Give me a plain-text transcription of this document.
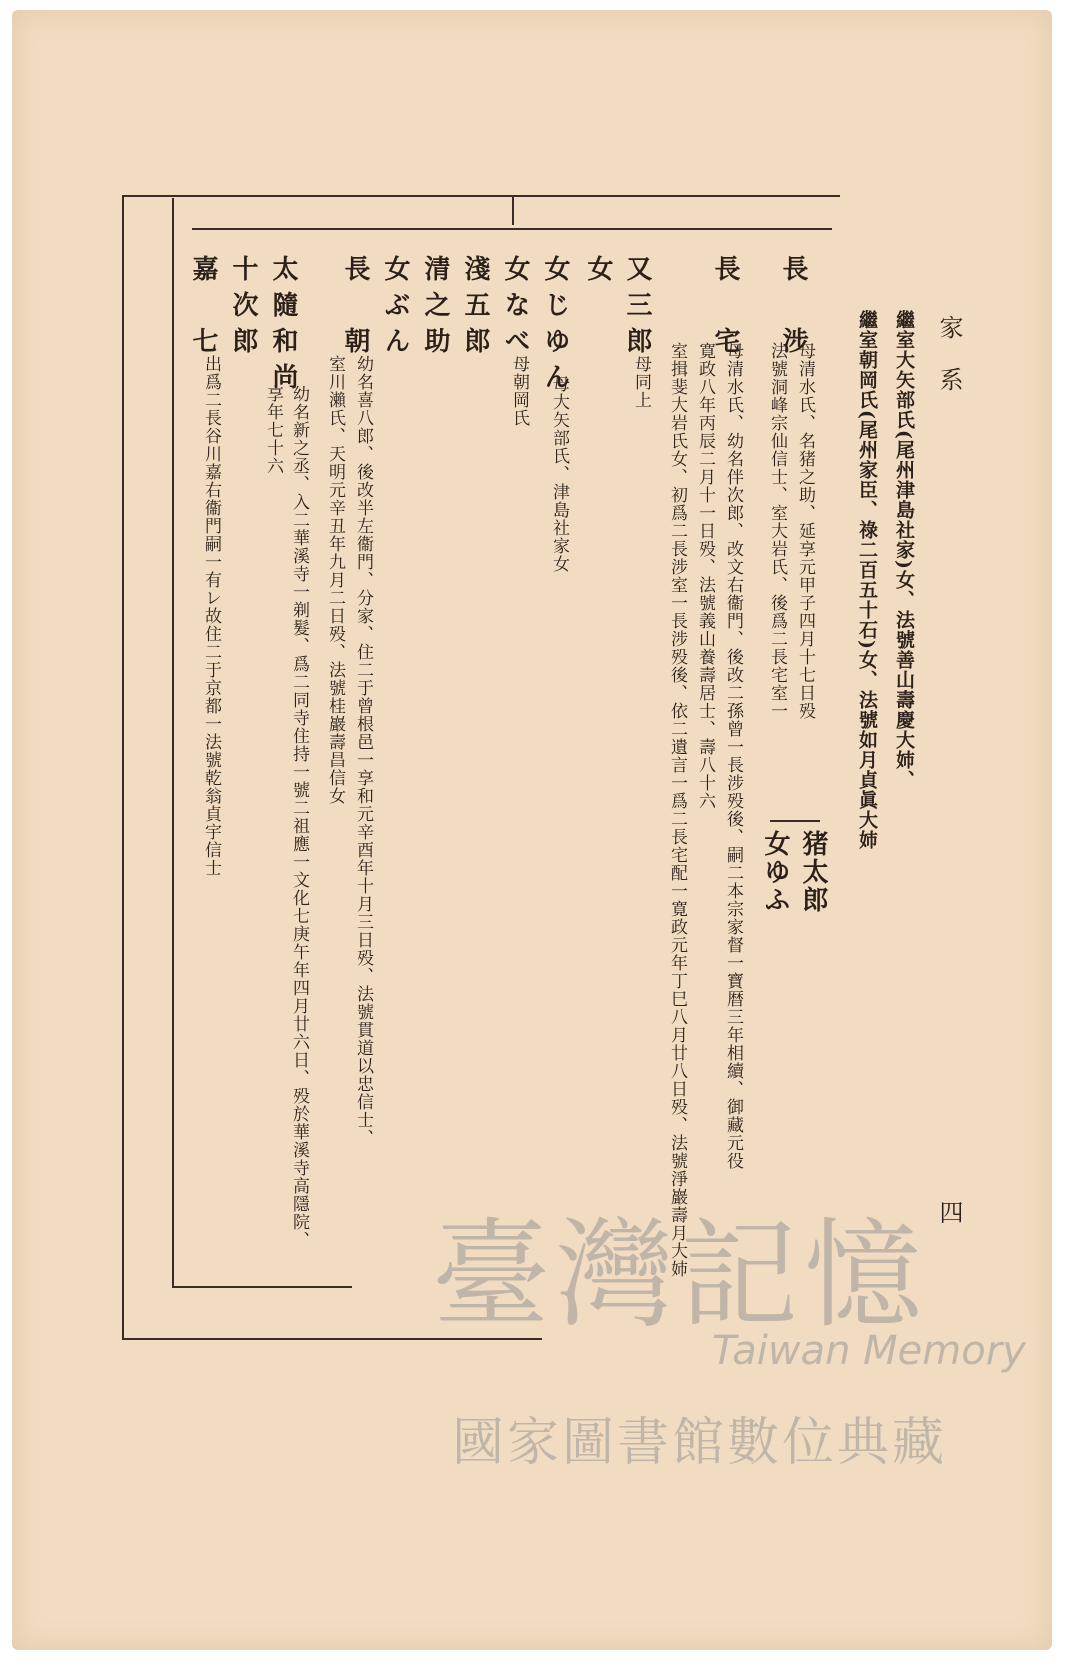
家　系
四
繼室大矢部氏(尾州津島社家)女、法號善山壽慶大姉、
繼室朝岡氏(尾州家臣、祿二百五十石)女、法號如月貞眞大姉
長　涉
長　宅
又三郎
女
女じゆん
女なべ
淺五郎
清之助
女ぶん
長　朝
太隨和尚
十次郎
嘉　七
母清水氏、名猪之助、延享元甲子四月十七日殁
法號洞峰宗仙信士、室大岩氏、後爲二長宅室一
母清水氏、幼名伴次郎、改文右衞門、後改二孫曾一長涉殁後、嗣二本宗家督一寶暦三年相續、御藏元役
寛政八年丙辰二月十一日殁、法號義山養壽居士、壽八十六
室揖斐大岩氏女、初爲二長涉室一長涉殁後、依二遺言一爲二長宅配一寛政元年丁巳八月廿八日殁、法號淨巖壽月大姉
母同上
母大矢部氏、津島社家女
母朝岡氏
幼名喜八郎、後改半左衞門、分家、住二于曾根邑一享和元辛酉年十月三日殁、法號貫道以忠信士、
室川瀨氏、天明元辛丑年九月二日殁、法號桂巖壽昌信女
幼名新之丞、入二華溪寺一剃髮、爲二同寺住持一號二祖應一文化七庚午年四月廿六日、殁於華溪寺高隱院、
享年七十六
出爲二長谷川嘉右衞門嗣一有レ故住二于京都一法號乾翁貞宇信士	猪太郎
女ゆふ
臺灣記憶
Taiwan Memory
國家圖書館數位典藏
